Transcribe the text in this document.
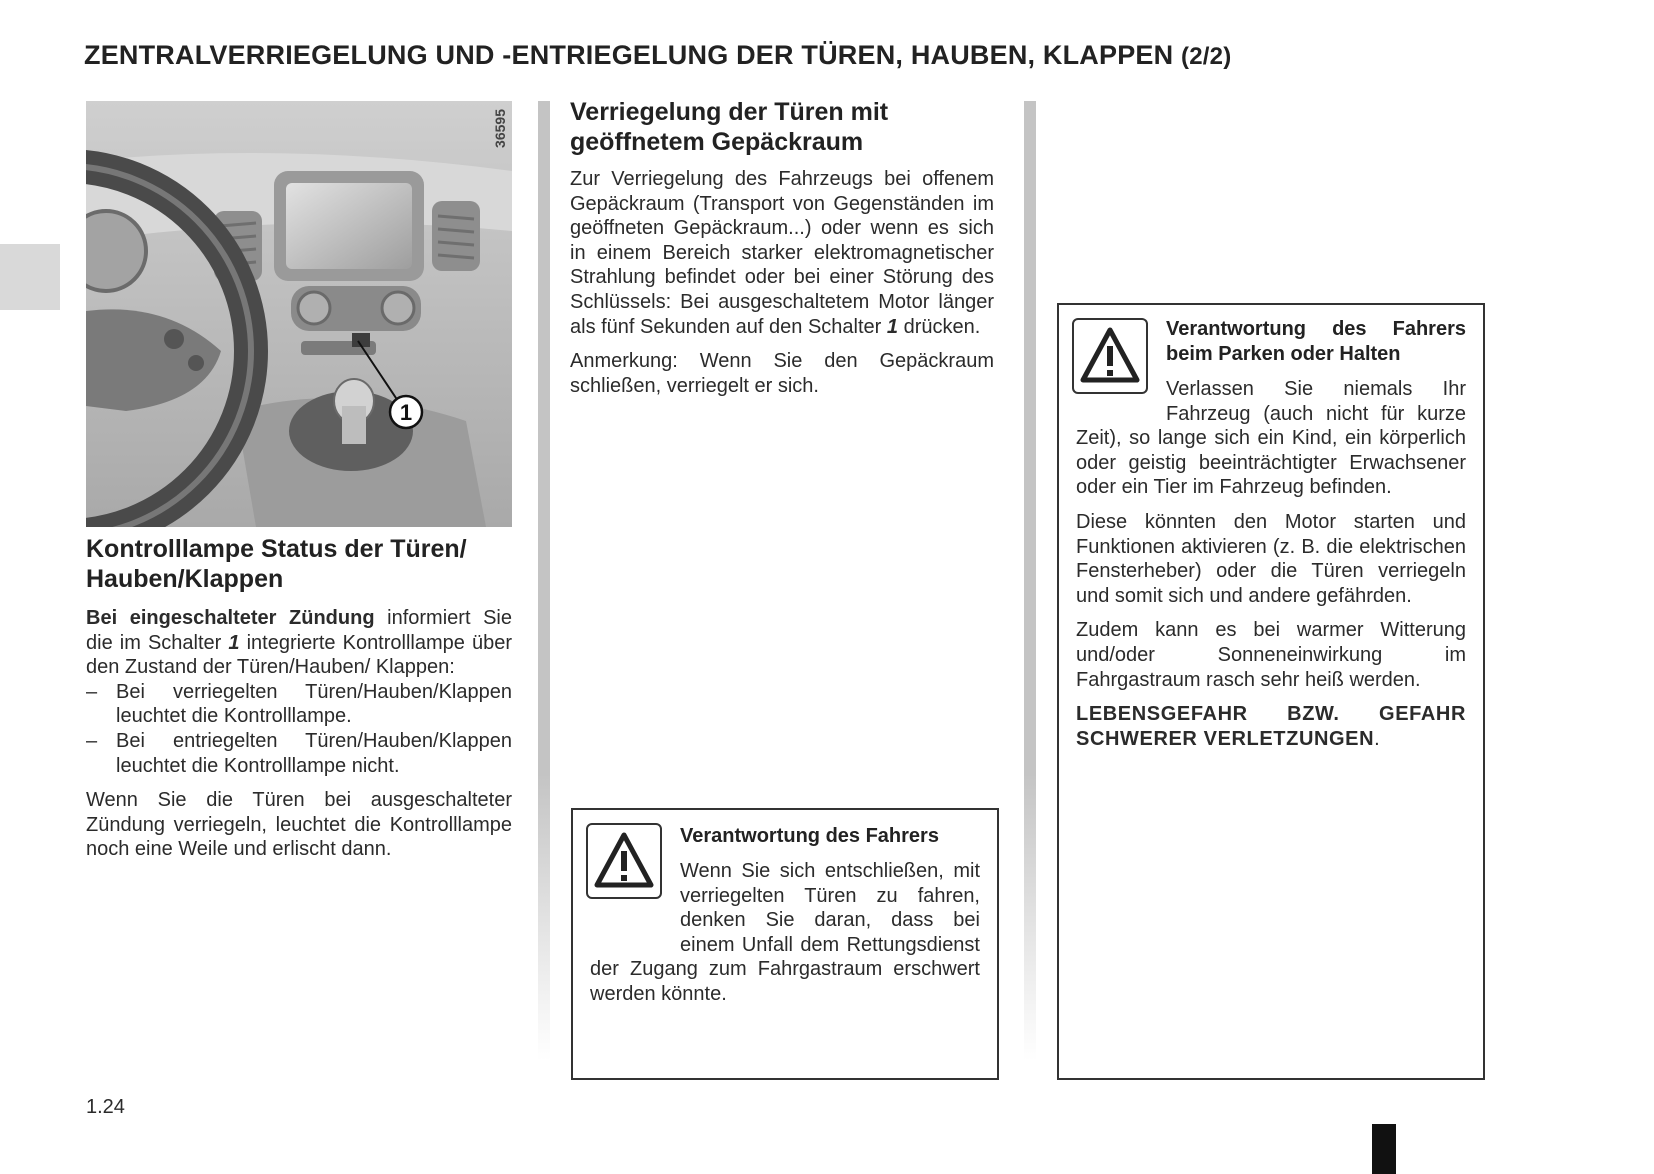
ZENTRALVERRIEGELUNG UND -ENTRIEGELUNG DER TÜREN, HAUBEN, KLAPPEN (2/2)
1
36595
Kontrolllampe Status der Türen/ Hauben/Klappen

Bei eingeschalteter Zündung informiert Sie die im Schalter 1 integrierte Kontrolllampe über den Zustand der Türen/Hauben/ Klappen:

– Bei verriegelten Türen/Hauben/Klappen leuchtet die Kontrolllampe.
– Bei entriegelten Türen/Hauben/Klappen leuchtet die Kontrolllampe nicht.

Wenn Sie die Türen bei ausgeschalteter Zündung verriegeln, leuchtet die Kontrolllampe noch eine Weile und erlischt dann.

Verriegelung der Türen mit geöffnetem Gepäckraum

Zur Verriegelung des Fahrzeugs bei offenem Gepäckraum (Transport von Gegenständen im geöffneten Gepäckraum...) oder wenn es sich in einem Bereich starker elektromagnetischer Strahlung befindet oder bei einer Störung des Schlüssels: Bei ausgeschaltetem Motor länger als fünf Sekunden auf den Schalter 1 drücken.

Anmerkung: Wenn Sie den Gepäckraum schließen, verriegelt er sich.

Verantwortung des Fahrers

Wenn Sie sich entschließen, mit verriegelten Türen zu fahren, denken Sie daran, dass bei einem Unfall dem Rettungsdienst der Zugang zum Fahrgastraum erschwert werden könnte.

Verantwortung des Fahrers beim Parken oder Halten

Verlassen Sie niemals Ihr Fahrzeug (auch nicht für kurze Zeit), so lange sich ein Kind, ein körperlich oder geistig beeinträchtigter Erwachsener oder ein Tier im Fahrzeug befinden.

Diese könnten den Motor starten und Funktionen aktivieren (z. B. die elektrischen Fensterheber) oder die Türen verriegeln und somit sich und andere gefährden.

Zudem kann es bei warmer Witterung und/oder Sonneneinwirkung im Fahrgastraum rasch sehr heiß werden.

LEBENSGEFAHR BZW. GEFAHR SCHWERER VERLETZUNGEN.

1.24
